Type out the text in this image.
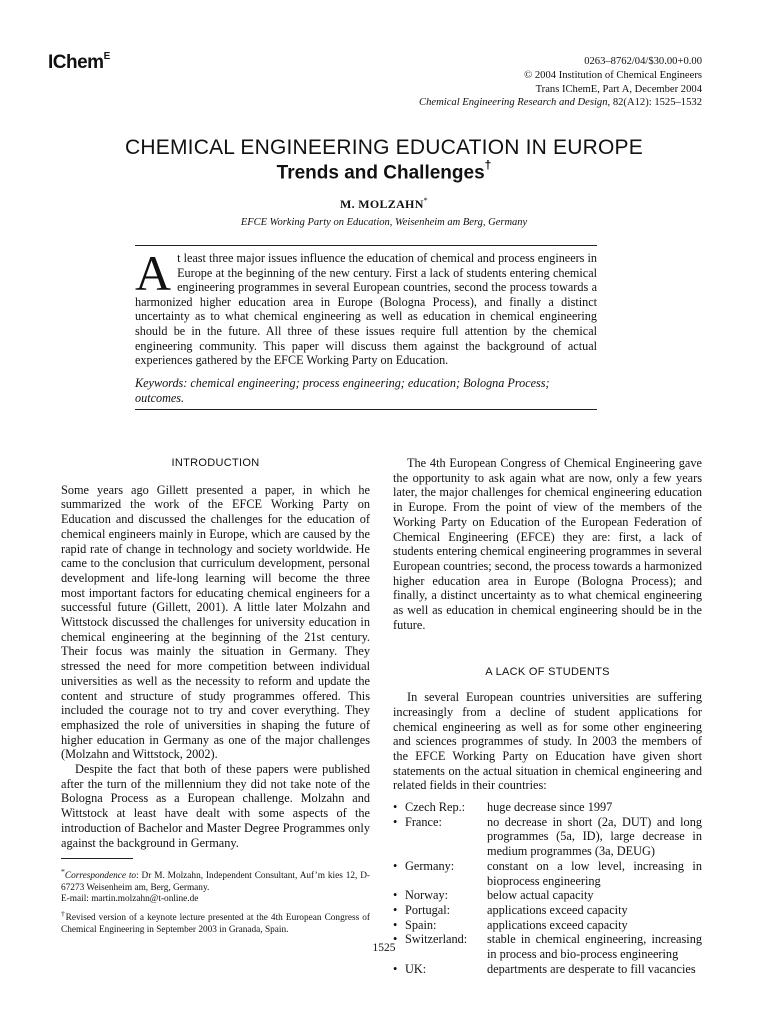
IChem$^E$	0263–8762/04/$30.00+0.00
© 2004 Institution of Chemical Engineers
Trans IChemE, Part A, December 2004
Chemical Engineering Research and Design, 82(A12): 1525–1532
CHEMICAL ENGINEERING EDUCATION IN EUROPE
Trends and Challenges†
M. MOLZAHN*
EFCE Working Party on Education, Weisenheim am Berg, Germany
At least three major issues influence the education of chemical and process engineers in Europe at the beginning of the new century. First a lack of students entering chemical engineering programmes in several European countries, second the process towards a harmonized higher education area in Europe (Bologna Process), and finally a distinct uncertainty as to what chemical engineering as well as education in chemical engineering should be in the future. All three of these issues require full attention by the chemical engineering community. This paper will discuss them against the background of actual experiences gathered by the EFCE Working Party on Education.
Keywords: chemical engineering; process engineering; education; Bologna Process; outcomes.
INTRODUCTION

Some years ago Gillett presented a paper, in which he summarized the work of the EFCE Working Party on Education and discussed the challenges for the education of chemical engineers mainly in Europe, which are caused by the rapid rate of change in technology and society worldwide. He came to the conclusion that curriculum development, personal development and life-long learning will become the three most important factors for educating chemical engineers for a successful future (Gillett, 2001). A little later Molzahn and Wittstock discussed the challenges for university education in chemical engineering at the beginning of the 21st century. Their focus was mainly the situation in Germany. They stressed the need for more competition between individual universities as well as the necessity to reform and update the content and structure of study programmes offered. This included the courage not to try and cover everything. They emphasized the role of universities in shaping the future of higher education in Germany as one of the major challenges (Molzahn and Wittstock, 2002).

Despite the fact that both of these papers were published after the turn of the millennium they did not take note of the Bologna Process as a European challenge. Molzahn and Wittstock at least have dealt with some aspects of the introduction of Bachelor and Master Degree Programmes only against the background in Germany.

*Correspondence to: Dr M. Molzahn, Independent Consultant, Auf’m kies 12, D-67273 Weisenheim am, Berg, Germany.
E-mail: martin.molzahn@t-online.de

†Revised version of a keynote lecture presented at the 4th European Congress of Chemical Engineering in September 2003 in Granada, Spain.

The 4th European Congress of Chemical Engineering gave the opportunity to ask again what are now, only a few years later, the major challenges for chemical engineering education in Europe. From the point of view of the members of the Working Party on Education of the European Federation of Chemical Engineering (EFCE) they are: first, a lack of students entering chemical engineering programmes in several European countries; second, the process towards a harmonized higher education area in Europe (Bologna Process); and finally, a distinct uncertainty as to what chemical engineering as well as education in chemical engineering should be in the future.

A LACK OF STUDENTS

In several European countries universities are suffering increasingly from a decline of student applications for chemical engineering as well as for some other engineering and sciences programmes of study. In 2003 the members of the EFCE Working Party on Education have given short statements on the actual situation in chemical engineering and related fields in their countries:

• Czech Rep.:	huge decrease since 1997
• France:	no decrease in short (2a, DUT) and long programmes (5a, ID), large decrease in medium programmes (3a, DEUG)
• Germany:	constant on a low level, increasing in bioprocess engineering
• Norway:	below actual capacity
• Portugal:	applications exceed capacity
• Spain:	applications exceed capacity
• Switzerland:	stable in chemical engineering, increasing in process and bio-process engineering
• UK:	departments are desperate to fill vacancies
1525
